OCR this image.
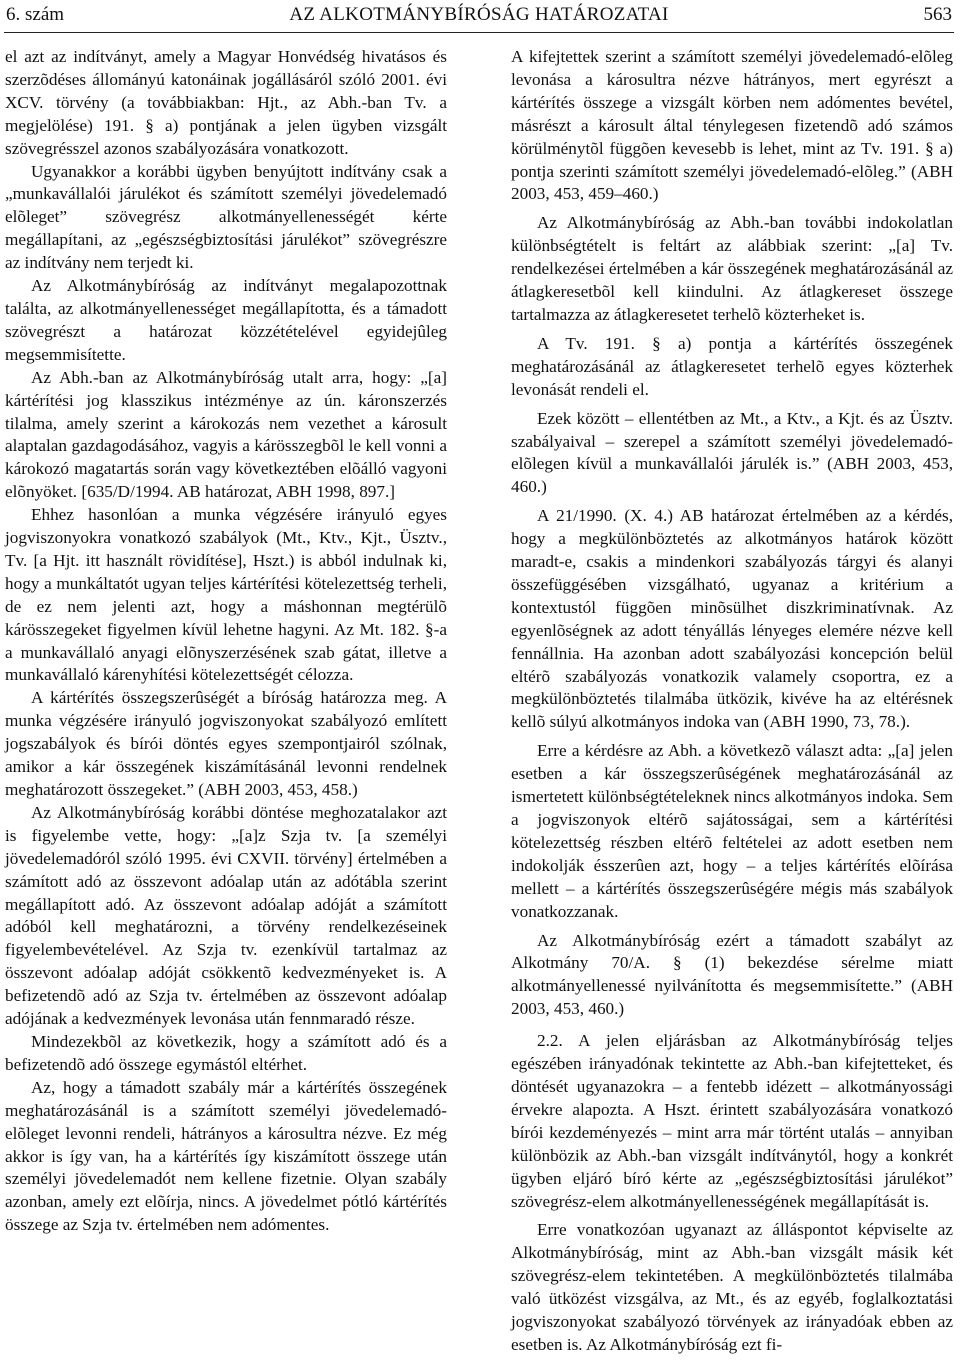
6. szám	AZ ALKOTMÁNYBÍRÓSÁG HATÁROZATAI	563

el azt az indítványt, amely a Magyar Honvédség hivatásos és szerzõdéses állományú katonáinak jogállásáról szóló 2001. évi XCV. törvény (a továbbiakban: Hjt., az Abh.-ban Tv. a megjelölése) 191. § a) pontjának a jelen ügyben vizsgált szövegrésszel azonos szabályozására vonatkozott.

Ugyanakkor a korábbi ügyben benyújtott indítvány csak a „munkavállalói járulékot és számított személyi jövedelemadó elõleget” szövegrész alkotmányellenességét kérte megállapítani, az „egészségbiztosítási járulékot” szövegrészre az indítvány nem terjedt ki.

Az Alkotmánybíróság az indítványt megalapozottnak találta, az alkotmányellenességet megállapította, és a támadott szövegrészt a határozat közzétételével egyidejûleg megsemmisítette.

Az Abh.-ban az Alkotmánybíróság utalt arra, hogy: „[a] kártérítési jog klasszikus intézménye az ún. káronszerzés tilalma, amely szerint a károkozás nem vezethet a károsult alaptalan gazdagodásához, vagyis a kárösszegbõl le kell vonni a károkozó magatartás során vagy következtében elõálló vagyoni elõnyöket. [635/D/1994. AB határozat, ABH 1998, 897.]

Ehhez hasonlóan a munka végzésére irányuló egyes jogviszonyokra vonatkozó szabályok (Mt., Ktv., Kjt., Üsztv., Tv. [a Hjt. itt használt rövidítése], Hszt.) is abból indulnak ki, hogy a munkáltatót ugyan teljes kártérítési kötelezettség terheli, de ez nem jelenti azt, hogy a máshonnan megtérülõ kárösszegeket figyelmen kívül lehetne hagyni. Az Mt. 182. §-a a munkavállaló anyagi elõnyszerzésének szab gátat, illetve a munkavállaló kárenyhítési kötelezettségét célozza.

A kártérítés összegszerûségét a bíróság határozza meg. A munka végzésére irányuló jogviszonyokat szabályozó említett jogszabályok és bírói döntés egyes szempontjairól szólnak, amikor a kár összegének kiszámításánál levonni rendelnek meghatározott összegeket.” (ABH 2003, 453, 458.)

Az Alkotmánybíróság korábbi döntése meghozatalakor azt is figyelembe vette, hogy: „[a]z Szja tv. [a személyi jövedelemadóról szóló 1995. évi CXVII. törvény] értelmében a számított adó az összevont adóalap után az adótábla szerint megállapított adó. Az összevont adóalap adóját a számított adóból kell meghatározni, a törvény rendelkezéseinek figyelembevételével. Az Szja tv. ezenkívül tartalmaz az összevont adóalap adóját csökkentõ kedvezményeket is. A befizetendõ adó az Szja tv. értelmében az összevont adóalap adójának a kedvezmények levonása után fennmaradó része.

Mindezekbõl az következik, hogy a számított adó és a befizetendõ adó összege egymástól eltérhet.

Az, hogy a támadott szabály már a kártérítés összegének meghatározásánál is a számított személyi jövedelemadó-elõleget levonni rendeli, hátrányos a károsultra nézve. Ez még akkor is így van, ha a kártérítés így kiszámított összege után személyi jövedelemadót nem kellene fizetnie. Olyan szabály azonban, amely ezt elõírja, nincs. A jövedelmet pótló kártérítés összege az Szja tv. értelmében nem adómentes.

A kifejtettek szerint a számított személyi jövedelemadó-elõleg levonása a károsultra nézve hátrányos, mert egyrészt a kártérítés összege a vizsgált körben nem adómentes bevétel, másrészt a károsult által ténylegesen fizetendõ adó számos körülménytõl függõen kevesebb is lehet, mint az Tv. 191. § a) pontja szerinti számított személyi jövedelemadó-elõleg.” (ABH 2003, 453, 459–460.)

Az Alkotmánybíróság az Abh.-ban további indokolatlan különbségtételt is feltárt az alábbiak szerint: „[a] Tv. rendelkezései értelmében a kár összegének meghatározásánál az átlagkeresetbõl kell kiindulni. Az átlagkereset összege tartalmazza az átlagkeresetet terhelõ közterheket is.

A Tv. 191. § a) pontja a kártérítés összegének meghatározásánál az átlagkeresetet terhelõ egyes közterhek levonását rendeli el.

Ezek között – ellentétben az Mt., a Ktv., a Kjt. és az Üsztv. szabályaival – szerepel a számított személyi jövedelemadó-elõlegen kívül a munkavállalói járulék is.” (ABH 2003, 453, 460.)

A 21/1990. (X. 4.) AB határozat értelmében az a kérdés, hogy a megkülönböztetés az alkotmányos határok között maradt-e, csakis a mindenkori szabályozás tárgyi és alanyi összefüggésében vizsgálható, ugyanaz a kritérium a kontextustól függõen minõsülhet diszkriminatívnak. Az egyenlõségnek az adott tényállás lényeges elemére nézve kell fennállnia. Ha azonban adott szabályozási koncepción belül eltérõ szabályozás vonatkozik valamely csoportra, ez a megkülönböztetés tilalmába ütközik, kivéve ha az eltérésnek kellõ súlyú alkotmányos indoka van (ABH 1990, 73, 78.).

Erre a kérdésre az Abh. a következõ választ adta: „[a] jelen esetben a kár összegszerûségének meghatározásánál az ismertetett különbségtételeknek nincs alkotmányos indoka. Sem a jogviszonyok eltérõ sajátosságai, sem a kártérítési kötelezettség részben eltérõ feltételei az adott esetben nem indokolják ésszerûen azt, hogy – a teljes kártérítés elõírása mellett – a kártérítés összegszerûségére mégis más szabályok vonatkozzanak.

Az Alkotmánybíróság ezért a támadott szabályt az Alkotmány 70/A. § (1) bekezdése sérelme miatt alkotmányellenessé nyilvánította és megsemmisítette.” (ABH 2003, 453, 460.)

2.2. A jelen eljárásban az Alkotmánybíróság teljes egészében irányadónak tekintette az Abh.-ban kifejtetteket, és döntését ugyanazokra – a fentebb idézett – alkotmányossági érvekre alapozta. A Hszt. érintett szabályozására vonatkozó bírói kezdeményezés – mint arra már történt utalás – annyiban különbözik az Abh.-ban vizsgált indítványtól, hogy a konkrét ügyben eljáró bíró kérte az „egészségbiztosítási járulékot” szövegrész-elem alkotmányellenességének megállapítását is.

Erre vonatkozóan ugyanazt az álláspontot képviselte az Alkotmánybíróság, mint az Abh.-ban vizsgált másik két szövegrész-elem tekintetében. A megkülönböztetés tilalmába való ütközést vizsgálva, az Mt., és az egyéb, foglalkoztatási jogviszonyokat szabályozó törvények az irányadóak ebben az esetben is. Az Alkotmánybíróság ezt fi-
